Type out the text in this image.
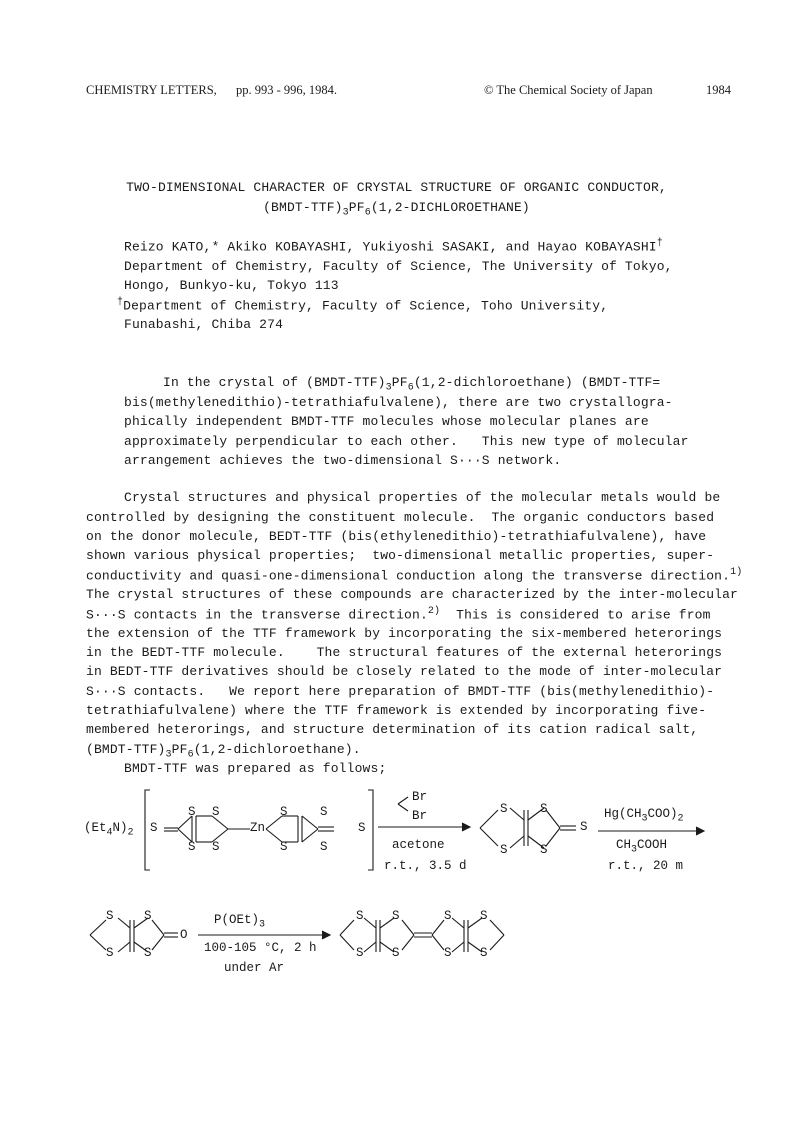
CHEMISTRY LETTERS, pp. 993 - 996, 1984.	© The Chemical Society of Japan	1984
TWO-DIMENSIONAL CHARACTER OF CRYSTAL STRUCTURE OF ORGANIC CONDUCTOR,
$(BMDT-TTF)_3PF_6(1,2-DICHLOROETHANE)$
Reizo KATO,* Akiko KOBAYASHI, Yukiyoshi SASAKI, and Hayao KOBAYASHI†
Department of Chemistry, Faculty of Science, The University of Tokyo,
Hongo, Bunkyo-ku, Tokyo 113
†Department of Chemistry, Faculty of Science, Toho University,
Funabashi, Chiba 274
In the crystal of $(BMDT-TTF)_3PF_6(1,2-dichloroethane)$ (BMDT-TTF=
bis(methylenedithio)-tetrathiafulvalene), there are two crystallogra-
phically independent BMDT-TTF molecules whose molecular planes are
approximately perpendicular to each other.   This new type of molecular
arrangement achieves the two-dimensional S···S network.
Crystal structures and physical properties of the molecular metals would be
controlled by designing the constituent molecule.  The organic conductors based
on the donor molecule, BEDT-TTF (bis(ethylenedithio)-tetrathiafulvalene), have
shown various physical properties;  two-dimensional metallic properties, super-
conductivity and quasi-one-dimensional conduction along the transverse direction.$^{1)}$
The crystal structures of these compounds are characterized by the inter-molecular
S···S contacts in the transverse direction.$^{2)}$  This is considered to arise from
the extension of the TTF framework by incorporating the six-membered heterorings
in the BEDT-TTF molecule.    The structural features of the external heterorings
in BEDT-TTF derivatives should be closely related to the mode of inter-molecular
S···S contacts.   We report here preparation of BMDT-TTF (bis(methylenedithio)-
tetrathiafulvalene) where the TTF framework is extended by incorporating five-
membered heterorings, and structure determination of its cation radical salt,
$(BMDT-TTF)_3PF_6(1,2-dichloroethane)$.
BMDT-TTF was prepared as follows;
$(Et_4N)_2$ S
S
S
S
S
Zn
S
S
S
S
S
Br
Br
acetone
r.t., 3.5 d
S	S
S	S
S
$Hg(CH_3COO)_2$
$CH_3COOH$
r.t., 20 m
S S
S S
O
$P(OEt)_3$
100-105 °C, 2 h
under Ar
S S	S S
S S	S S
